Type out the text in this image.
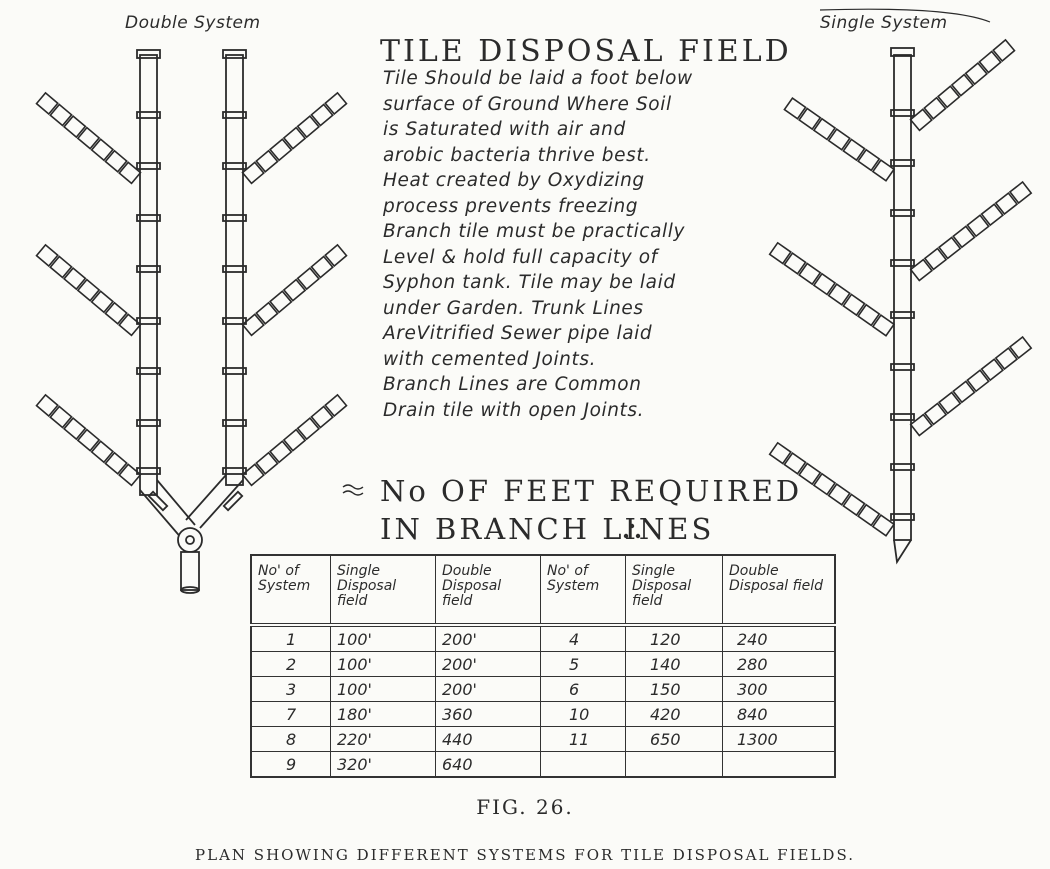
Double System	Single System
TILE DISPOSAL FIELD
Tile Should be laid a foot below
surface of Ground Where Soil
is Saturated with air and
arobic bacteria thrive best.
Heat created by Oxydizing
process prevents freezing
Branch tile must be practically
Level & hold full capacity of
Syphon tank. Tile may be laid
under Garden. Trunk Lines
AreVitrified Sewer pipe laid
with cemented Joints.
Branch Lines are Common
Drain tile with open Joints.
No OF FEET REQUIRED
IN BRANCH LINES
No' of System	Single Disposal field	Double Disposal field	No' of System	Single Disposal field	Double Disposal field
1	100'	200'	4	120	240
2	100'	200'	5	140	280
3	100'	200'	6	150	300
7	180'	360	10	420	840
8	220'	440	11	650	1300
9	320'	640			
FIG. 26.
PLAN SHOWING DIFFERENT SYSTEMS FOR TILE DISPOSAL FIELDS.
